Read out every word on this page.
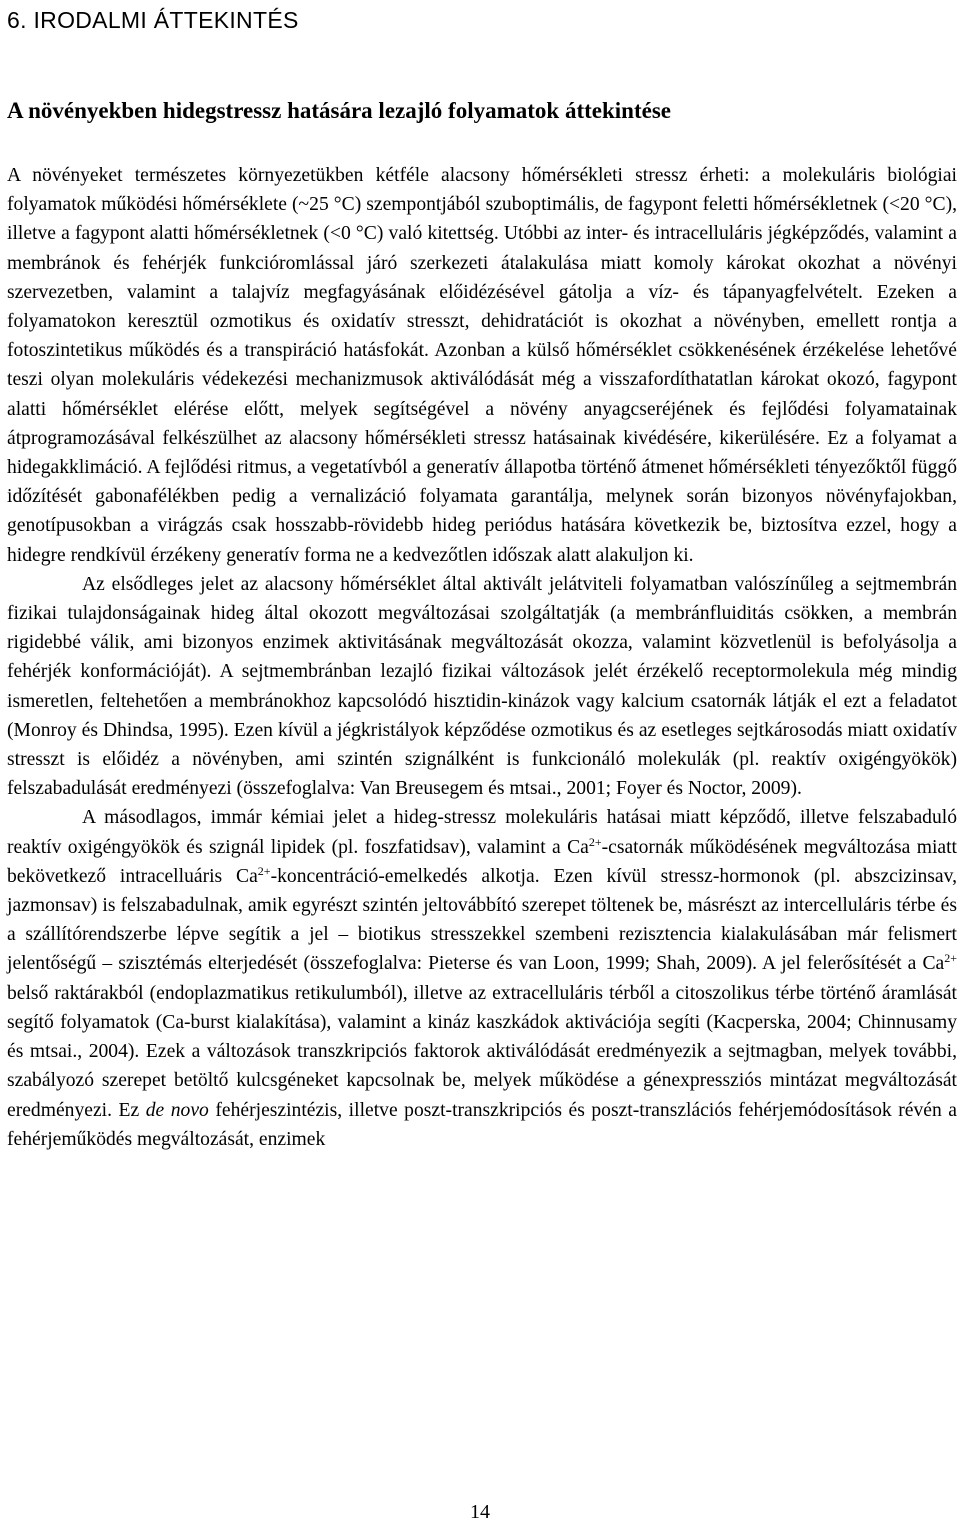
6. IRODALMI ÁTTEKINTÉS
A növényekben hidegstressz hatására lezajló folyamatok áttekintése

A növényeket természetes környezetükben kétféle alacsony hőmérsékleti stressz érheti: a molekuláris biológiai folyamatok működési hőmérséklete (~25 °C) szempontjából szuboptimális, de fagypont feletti hőmérsékletnek (<20 °C), illetve a fagypont alatti hőmérsékletnek (<0 °C) való kitettség. Utóbbi az inter- és intracelluláris jégképződés, valamint a membránok és fehérjék funkcióromlással járó szerkezeti átalakulása miatt komoly károkat okozhat a növényi szervezetben, valamint a talajvíz megfagyásának előidézésével gátolja a víz- és tápanyagfelvételt. Ezeken a folyamatokon keresztül ozmotikus és oxidatív stresszt, dehidratációt is okozhat a növényben, emellett rontja a fotoszintetikus működés és a transpiráció hatásfokát. Azonban a külső hőmérséklet csökkenésének érzékelése lehetővé teszi olyan molekuláris védekezési mechanizmusok aktiválódását még a visszafordíthatatlan károkat okozó, fagypont alatti hőmérséklet elérése előtt, melyek segítségével a növény anyagcseréjének és fejlődési folyamatainak átprogramozásával felkészülhet az alacsony hőmérsékleti stressz hatásainak kivédésére, kikerülésére. Ez a folyamat a hidegakklimáció. A fejlődési ritmus, a vegetatívból a generatív állapotba történő átmenet hőmérsékleti tényezőktől függő időzítését gabonafélékben pedig a vernalizáció folyamata garantálja, melynek során bizonyos növényfajokban, genotípusokban a virágzás csak hosszabb-rövidebb hideg periódus hatására következik be, biztosítva ezzel, hogy a hidegre rendkívül érzékeny generatív forma ne a kedvezőtlen időszak alatt alakuljon ki.

Az elsődleges jelet az alacsony hőmérséklet által aktivált jelátviteli folyamatban valószínűleg a sejtmembrán fizikai tulajdonságainak hideg által okozott megváltozásai szolgáltatják (a membránfluiditás csökken, a membrán rigidebbé válik, ami bizonyos enzimek aktivitásának megváltozását okozza, valamint közvetlenül is befolyásolja a fehérjék konformációját). A sejtmembránban lezajló fizikai változások jelét érzékelő receptormolekula még mindig ismeretlen, feltehetően a membránokhoz kapcsolódó hisztidin-kinázok vagy kalcium csatornák látják el ezt a feladatot (Monroy és Dhindsa, 1995). Ezen kívül a jégkristályok képződése ozmotikus és az esetleges sejtkárosodás miatt oxidatív stresszt is előidéz a növényben, ami szintén szignálként is funkcionáló molekulák (pl. reaktív oxigéngyökök) felszabadulását eredményezi (összefoglalva: Van Breusegem és mtsai., 2001; Foyer és Noctor, 2009).

A másodlagos, immár kémiai jelet a hideg-stressz molekuláris hatásai miatt képződő, illetve felszabaduló reaktív oxigéngyökök és szignál lipidek (pl. foszfatidsav), valamint a $Ca^{2+}$-csatornák működésének megváltozása miatt bekövetkező intracelluáris $Ca^{2+}-koncentráció$-emelkedés alkotja. Ezen kívül stressz-hormonok (pl. abszcizinsav, jazmonsav) is felszabadulnak, amik egyrészt szintén jeltovábbító szerepet töltenek be, másrészt az intercelluláris térbe és a szállítórendszerbe lépve segítik a jel – biotikus stresszekkel szembeni rezisztencia kialakulásában már felismert jelentőségű – szisztémás elterjedését (összefoglalva: Pieterse és van Loon, 1999; Shah, 2009). A jel felerősítését a $Ca^{2+}$ belső raktárakból (endoplazmatikus retikulumból), illetve az extracelluláris térből a citoszolikus térbe történő áramlását segítő folyamatok (Ca-burst kialakítása), valamint a kináz kaszkádok aktivációja segíti (Kacperska, 2004; Chinnusamy és mtsai., 2004). Ezek a változások transzkripciós faktorok aktiválódását eredményezik a sejtmagban, melyek további, szabályozó szerepet betöltő kulcsgéneket kapcsolnak be, melyek működése a génexpressziós mintázat megváltozását eredményezi. Ez de novo fehérjeszintézis, illetve poszt-transzkripciós és poszt-transzlációs fehérjemódosítások révén a fehérjeműködés megváltozását, enzimek

14
